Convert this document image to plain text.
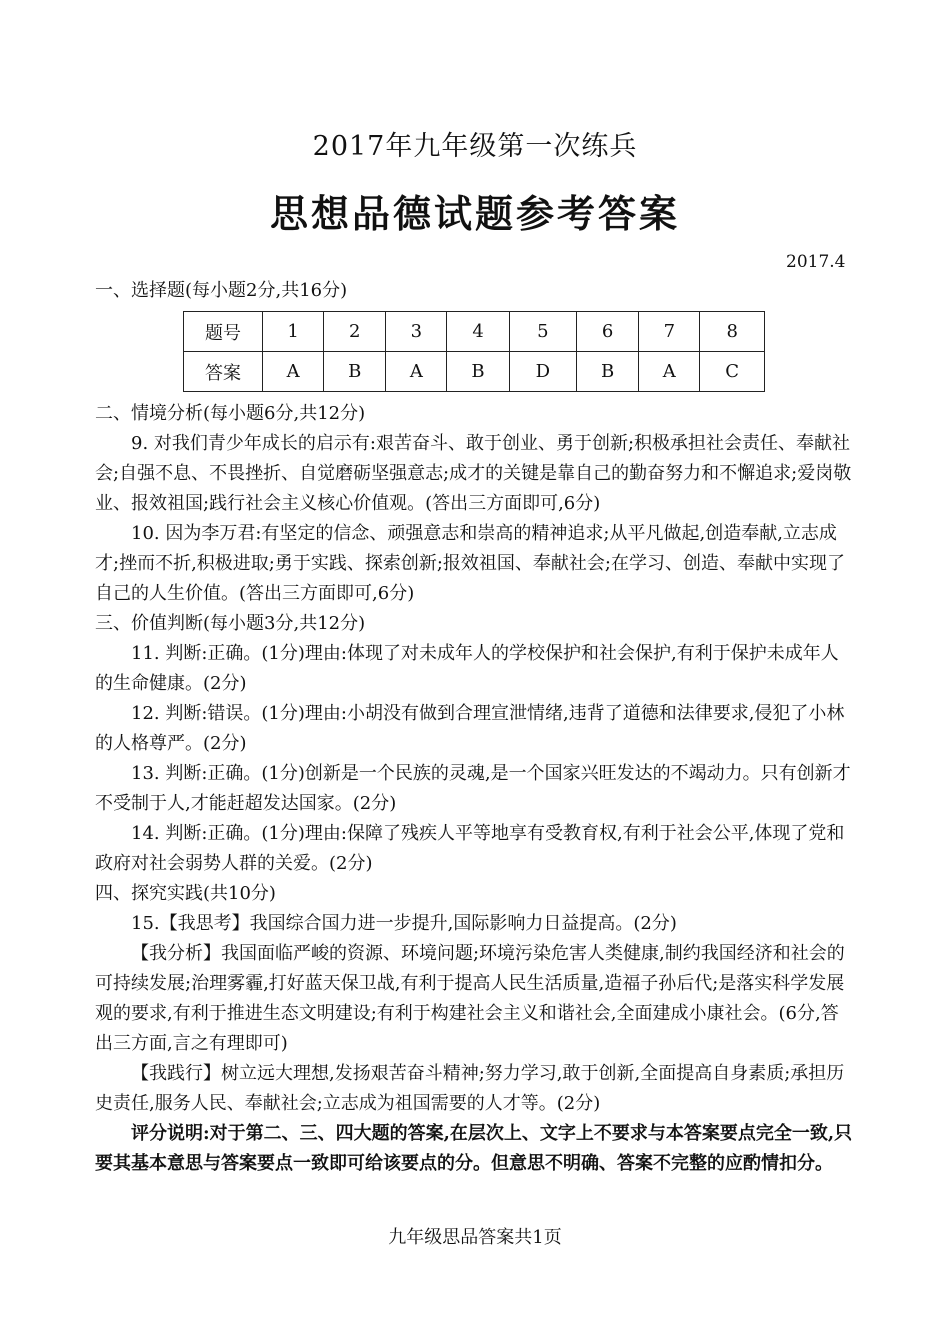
2017年九年级第一次练兵
思想品德试题参考答案
2017.4
一、选择题(每小题2分,共16分)
题号	1	2	3	4	5	6	7	8
答案	A	B	A	B	D	B	A	C

二、情境分析(每小题6分,共12分)

9. 对我们青少年成长的启示有:艰苦奋斗、敢于创业、勇于创新;积极承担社会责任、奉献社会;自强不息、不畏挫折、自觉磨砺坚强意志;成才的关键是靠自己的勤奋努力和不懈追求;爱岗敬业、报效祖国;践行社会主义核心价值观。(答出三方面即可,6分)

10. 因为李万君:有坚定的信念、顽强意志和崇高的精神追求;从平凡做起,创造奉献,立志成才;挫而不折,积极进取;勇于实践、探索创新;报效祖国、奉献社会;在学习、创造、奉献中实现了自己的人生价值。(答出三方面即可,6分)

三、价值判断(每小题3分,共12分)

11. 判断:正确。(1分)理由:体现了对未成年人的学校保护和社会保护,有利于保护未成年人的生命健康。(2分)

12. 判断:错误。(1分)理由:小胡没有做到合理宣泄情绪,违背了道德和法律要求,侵犯了小林的人格尊严。(2分)

13. 判断:正确。(1分)创新是一个民族的灵魂,是一个国家兴旺发达的不竭动力。只有创新才不受制于人,才能赶超发达国家。(2分)

14. 判断:正确。(1分)理由:保障了残疾人平等地享有受教育权,有利于社会公平,体现了党和政府对社会弱势人群的关爱。(2分)

四、探究实践(共10分)

15.【我思考】我国综合国力进一步提升,国际影响力日益提高。(2分)

【我分析】我国面临严峻的资源、环境问题;环境污染危害人类健康,制约我国经济和社会的可持续发展;治理雾霾,打好蓝天保卫战,有利于提高人民生活质量,造福子孙后代;是落实科学发展观的要求,有利于推进生态文明建设;有利于构建社会主义和谐社会,全面建成小康社会。(6分,答出三方面,言之有理即可)

【我践行】树立远大理想,发扬艰苦奋斗精神;努力学习,敢于创新,全面提高自身素质;承担历史责任,服务人民、奉献社会;立志成为祖国需要的人才等。(2分)

评分说明:对于第二、三、四大题的答案,在层次上、文字上不要求与本答案要点完全一致,只要其基本意思与答案要点一致即可给该要点的分。但意思不明确、答案不完整的应酌情扣分。

九年级思品答案共1页
